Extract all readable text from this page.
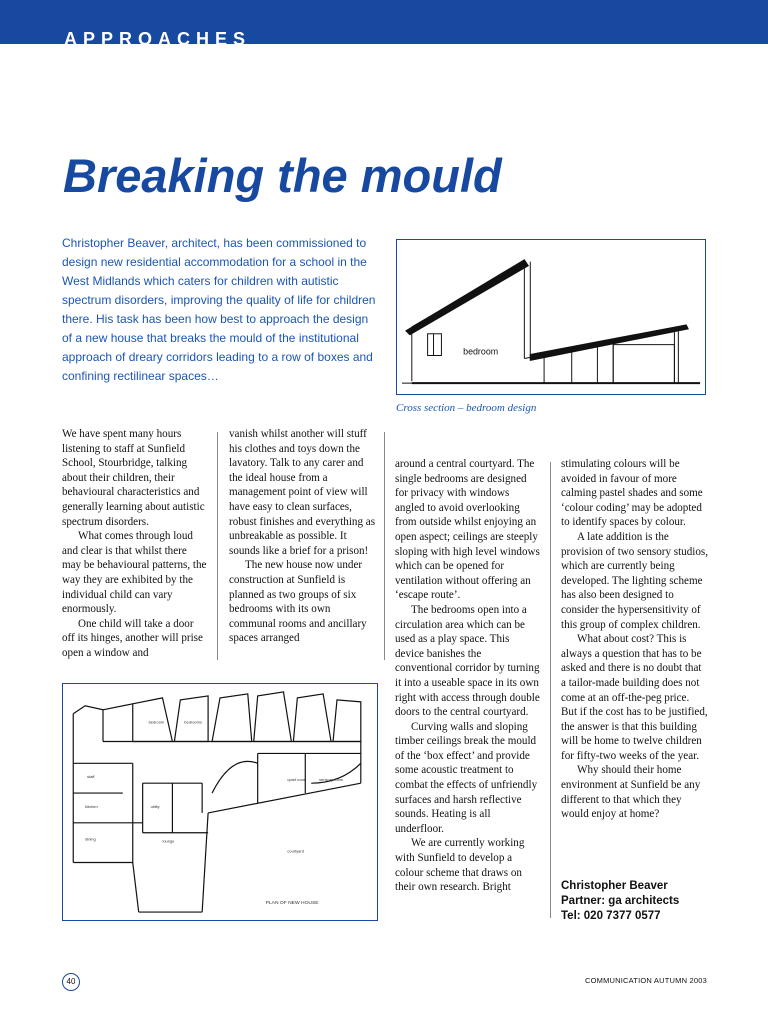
APPROACHES
Breaking the mould

Christopher Beaver, architect, has been commissioned to design new residential accommodation for a school in the West Midlands which caters for children with autistic spectrum disorders, improving the quality of life for children there. His task has been how best to approach the design of a new house that breaks the mould of the institutional approach of dreary corridors leading to a row of boxes and confining rectilinear spaces…

bedroom
Cross section – bedroom design

We have spent many hours listening to staff at Sunfield School, Stourbridge, talking about their children, their behavioural characteristics and generally learning about autistic spectrum disorders.

What comes through loud and clear is that whilst there may be behavioural patterns, the way they are exhibited by the individual child can vary enormously.

One child will take a door off its hinges, another will prise open a window and

vanish whilst another will stuff his clothes and toys down the lavatory. Talk to any carer and the ideal house from a management point of view will have easy to clean surfaces, robust finishes and everything as unbreakable as possible. It sounds like a brief for a prison!

The new house now under construction at Sunfield is planned as two groups of six bedrooms with its own communal rooms and ancillary spaces arranged

around a central courtyard. The single bedrooms are designed for privacy with windows angled to avoid overlooking from outside whilst enjoying an open aspect; ceilings are steeply sloping with high level windows which can be opened for ventilation without offering an ‘escape route’.

The bedrooms open into a circulation area which can be used as a play space. This device banishes the conventional corridor by turning it into a useable space in its own right with access through double doors to the central courtyard.

Curving walls and sloping timber ceilings break the mould of the ‘box effect’ and provide some acoustic treatment to combat the effects of unfriendly surfaces and harsh reflective sounds. Heating is all underfloor.

We are currently working with Sunfield to develop a colour scheme that draws on their own research. Bright

stimulating colours will be avoided in favour of more calming pastel shades and some ‘colour coding’ may be adopted to identify spaces by colour.

A late addition is the provision of two sensory studios, which are currently being developed. The lighting scheme has also been designed to consider the hypersensitivity of this group of complex children.

What about cost? This is always a question that has to be asked and there is no doubt that a tailor-made building does not come at an off-the-peg price. But if the cost has to be justified, the answer is that this building will be home to twelve children for fifty-two weeks of the year.

Why should their home environment at Sunfield be any different to that which they would enjoy at home?

bedroom	bedrooms
staff
kitchen	utility
dining	lounge
courtyard
quiet room	sensory room
PLAN OF NEW HOUSE
Christopher Beaver
Partner: ga architects
Tel: 020 7377 0577
40	COMMUNICATION AUTUMN 2003
